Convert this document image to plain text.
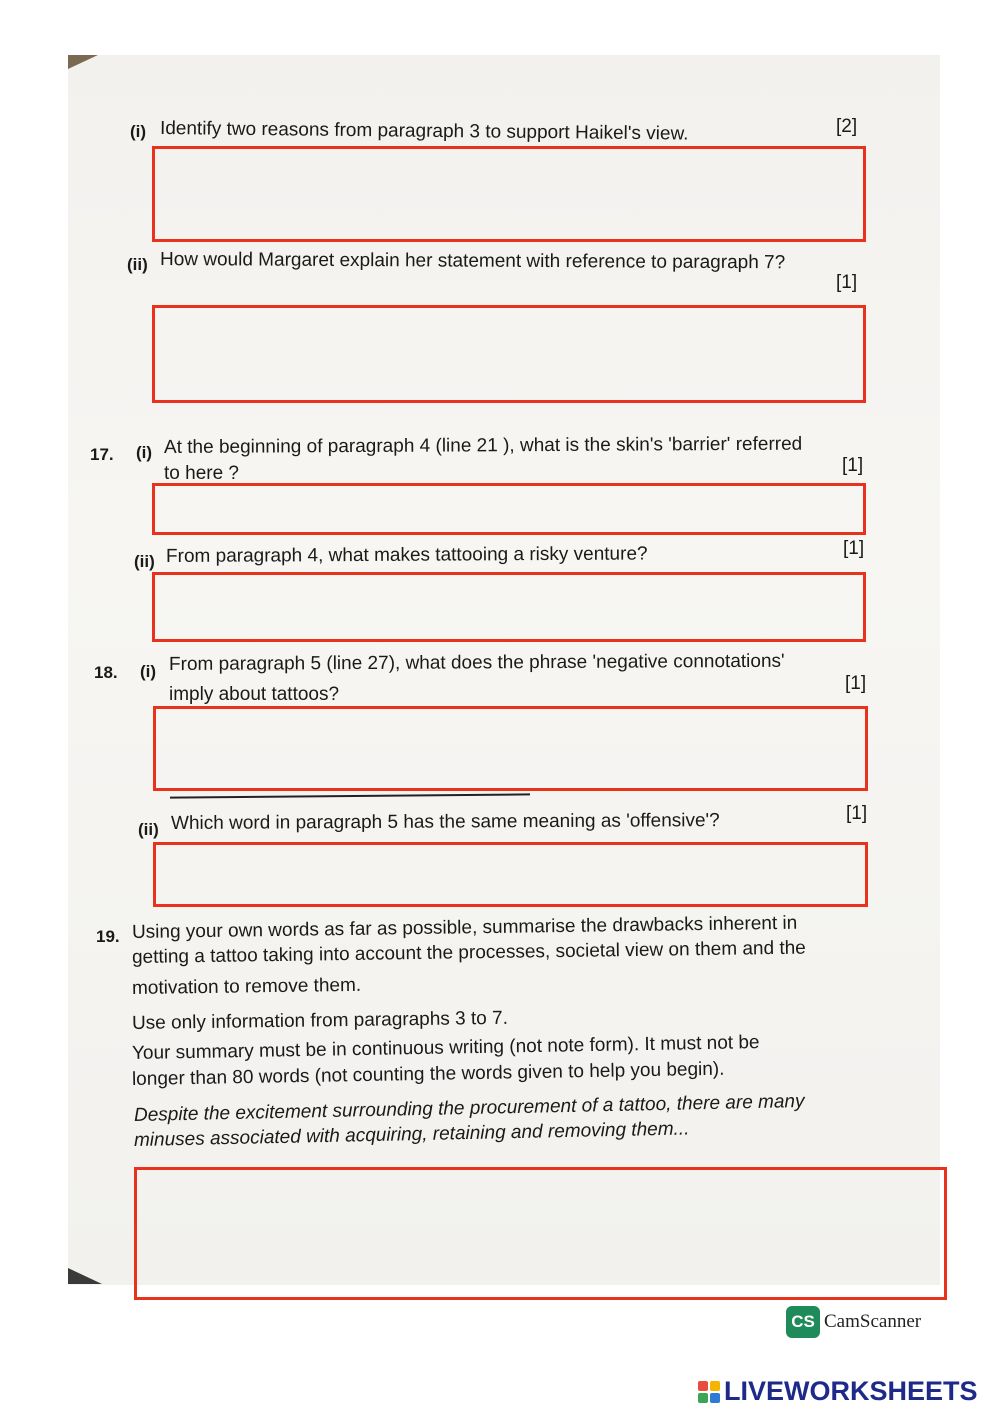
(i) Identify two reasons from paragraph 3 to support Haikel's view.	[2]
(ii) How would Margaret explain her statement with reference to paragraph 7?
[1]
17. (i) At the beginning of paragraph 4 (line 21 ), what is the skin's 'barrier' referred
to here ?	[1]
(ii) From paragraph 4, what makes tattooing a risky venture?	[1]
18. (i) From paragraph 5 (line 27), what does the phrase 'negative connotations'
imply about tattoos?
[1]
(ii) Which word in paragraph 5 has the same meaning as 'offensive'?	[1]
19. Using your own words as far as possible, summarise the drawbacks inherent in
getting a tattoo taking into account the processes, societal view on them and the
motivation to remove them.
Use only information from paragraphs 3 to 7.
Your summary must be in continuous writing (not note form). It must not be
longer than 80 words (not counting the words given to help you begin).
Despite the excitement surrounding the procurement of a tattoo, there are many
minuses associated with acquiring, retaining and removing them...
CS CamScanner
LIVEWORKSHEETS
